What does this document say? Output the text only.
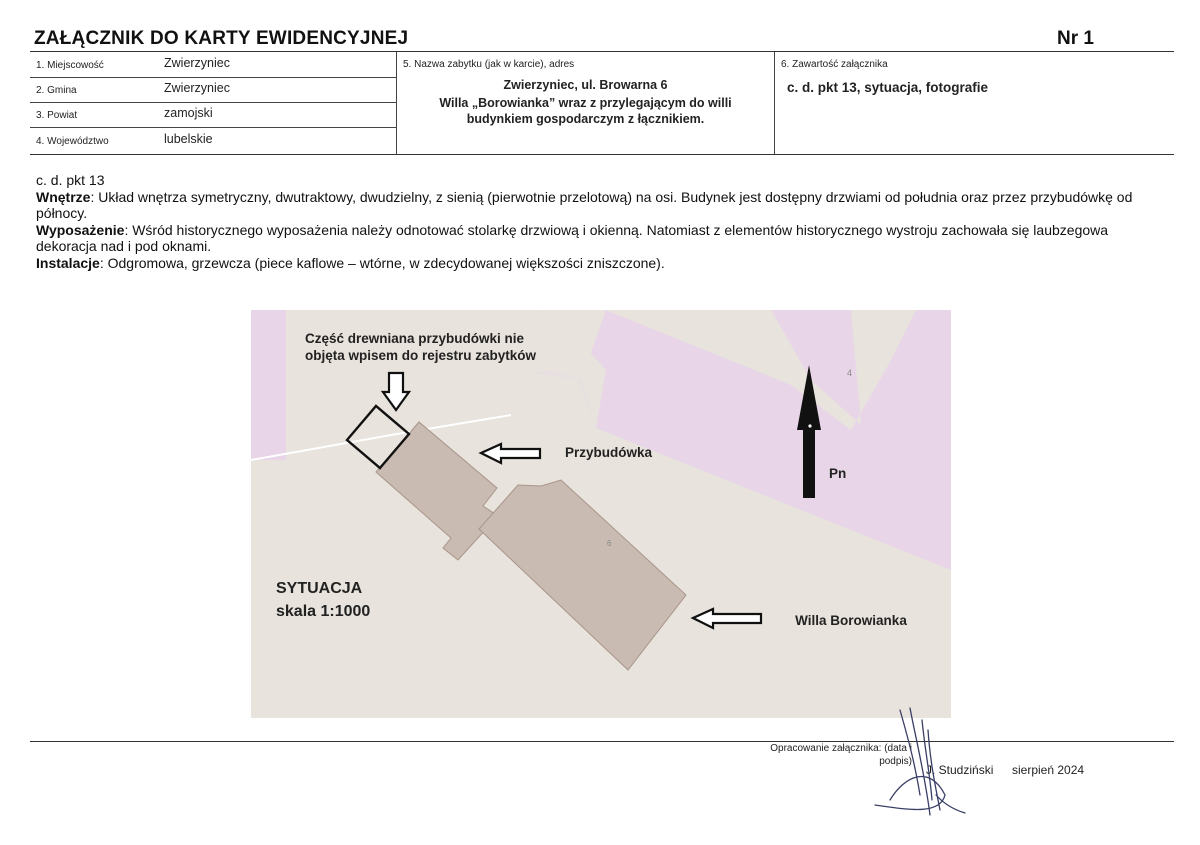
ZAŁĄCZNIK DO KARTY EWIDENCYJNEJ	Nr 1
1. Miejscowość	Zwierzyniec
2. Gmina	Zwierzyniec
3. Powiat	zamojski
4. Województwo	lubelskie
5. Nazwa zabytku (jak w karcie), adres
Zwierzyniec, ul. Browarna 6
Willa „Borowianka” wraz z przylegającym do willi budynkiem gospodarczym z łącznikiem.
6. Zawartość załącznika
c. d. pkt 13, sytuacja, fotografie

c. d. pkt 13

Wnętrze: Układ wnętrza symetryczny, dwutraktowy, dwudzielny, z sienią (pierwotnie przelotową) na osi. Budynek jest dostępny drzwiami od południa oraz przez przybudówkę od północy.

Wyposażenie: Wśród historycznego wyposażenia należy odnotować stolarkę drzwiową i okienną. Natomiast z elementów historycznego wystroju zachowała się laubzegowa dekoracja nad i pod oknami.

Instalacje: Odgromowa, grzewcza (piece kaflowe – wtórne, w zdecydowanej większości zniszczone).

4
6
Część drewniana przybudówki nie objęta wpisem do rejestru zabytków
Przybudówka
SYTUACJA
skala 1:1000
Pn
Willa Borowianka
Opracowanie załącznika: (data i podpis)
J. Studziński sierpień 2024
